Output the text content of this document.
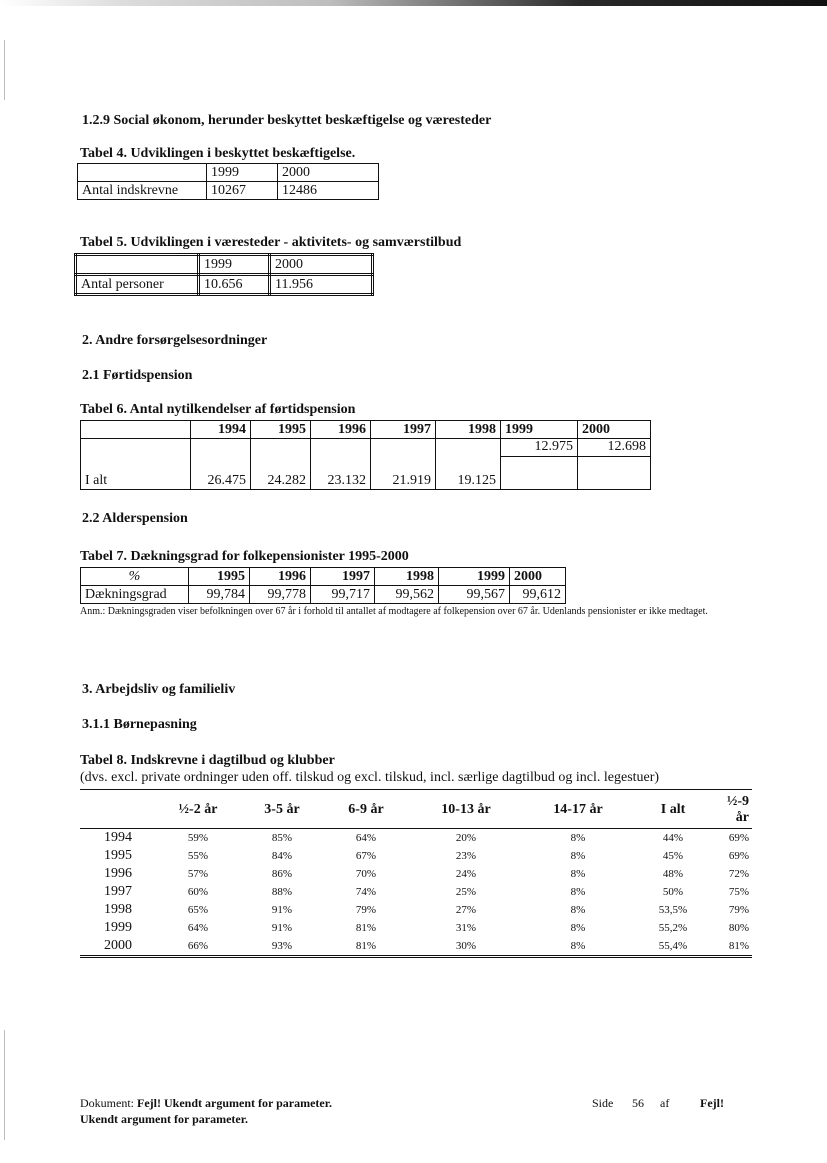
1.2.9 Social økonom, herunder beskyttet beskæftigelse og væresteder
Tabel 4. Udviklingen i beskyttet beskæftigelse.
	1999	2000
Antal indskrevne	10267	12486
Tabel 5. Udviklingen i væresteder - aktivitets- og samværstilbud
	1999	2000
Antal personer	10.656	11.956
2. Andre forsørgelsesordninger
2.1 Førtidspension
Tabel 6. Antal nytilkendelser af førtidspension
	1994	1995	1996	1997	1998	1999	2000
I alt	26.475	24.282	23.132	21.919	19.125	12.975	12.698

2.2 Alderspension
Tabel 7. Dækningsgrad for folkepensionister 1995-2000
%	1995	1996	1997	1998	1999	2000
Dækningsgrad	99,784	99,778	99,717	99,562	99,567	99,612
Anm.: Dækningsgraden viser befolkningen over 67 år i forhold til antallet af modtagere af folkepension over 67 år. Udenlands pensionister er ikke medtaget.
3. Arbejdsliv og familieliv
3.1.1 Børnepasning
Tabel 8. Indskrevne i dagtilbud og klubber
(dvs. excl. private ordninger uden off. tilskud og excl. tilskud, incl. særlige dagtilbud og incl. legestuer)
	½-2 år	3-5 år	6-9 år	10-13 år	14-17 år	I alt	½-9 år
1994	59%	85%	64%	20%	8%	44%	69%
1995	55%	84%	67%	23%	8%	45%	69%
1996	57%	86%	70%	24%	8%	48%	72%
1997	60%	88%	74%	25%	8%	50%	75%
1998	65%	91%	79%	27%	8%	53,5%	79%
1999	64%	91%	81%	31%	8%	55,2%	80%
2000	66%	93%	81%	30%	8%	55,4%	81%
Dokument: Fejl! Ukendt argument for parameter.
Ukendt argument for parameter.
Side 56 af	Fejl!
